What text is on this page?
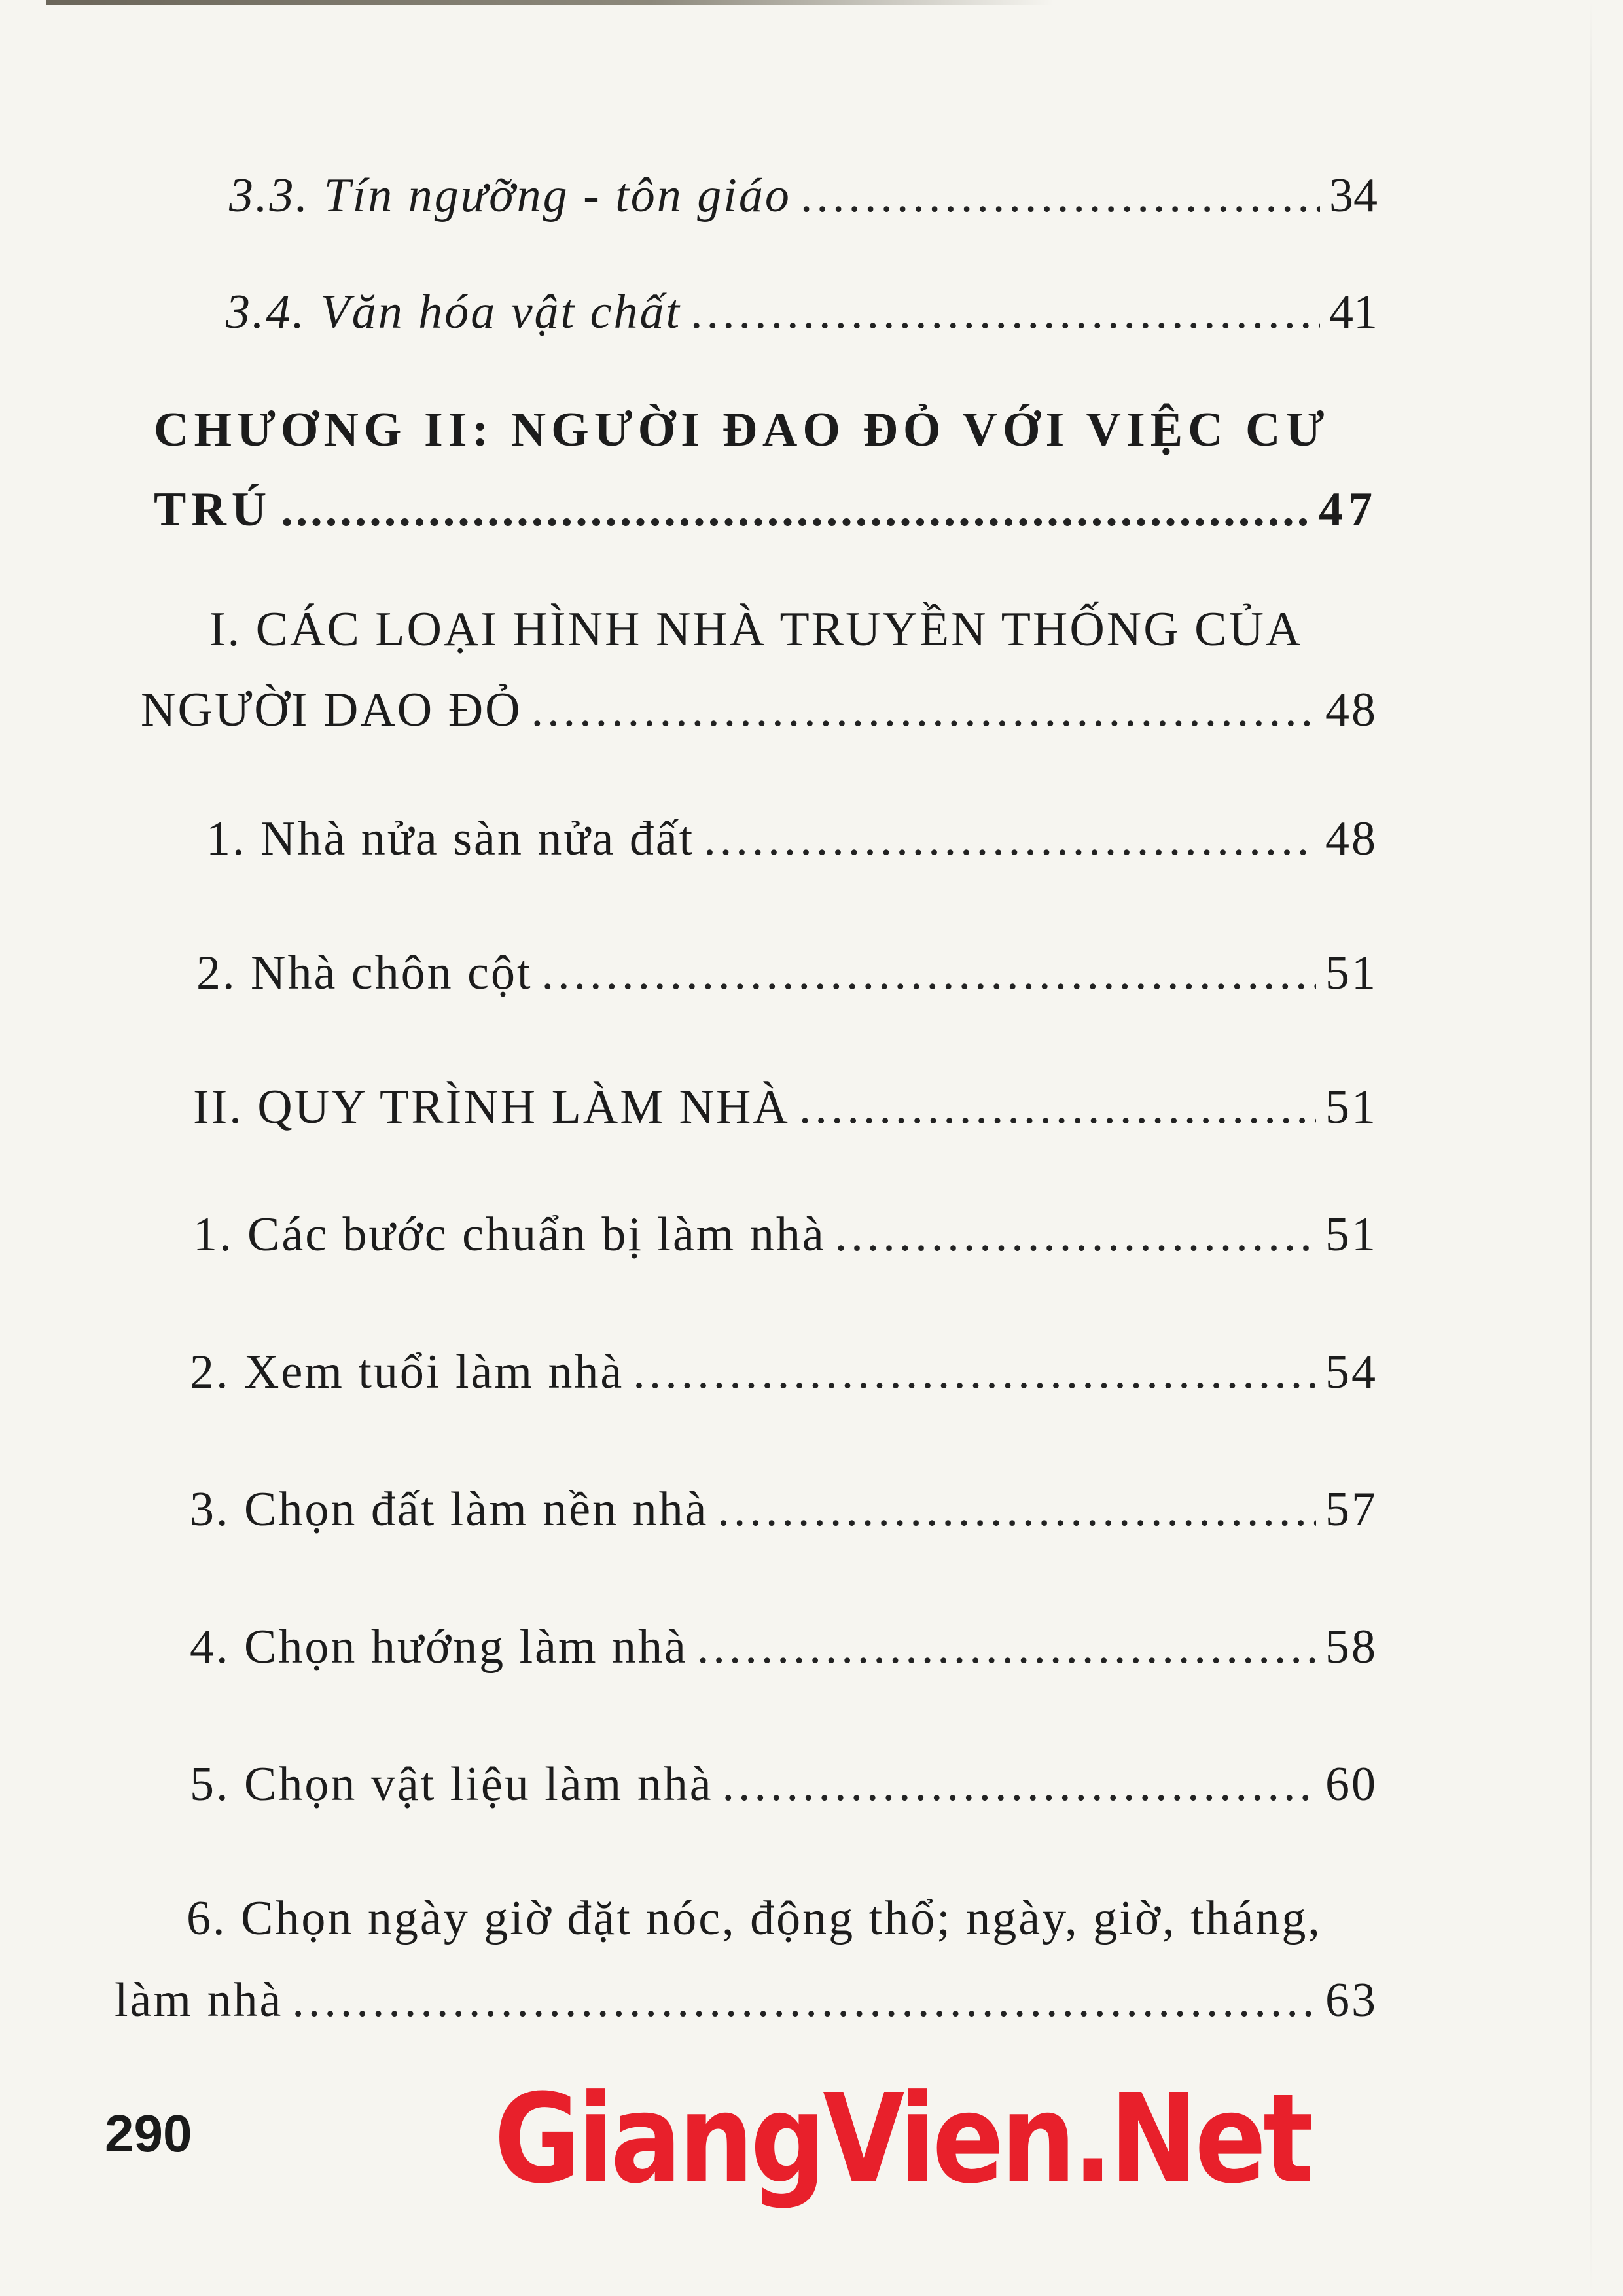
3.3. Tín ngưỡng - tôn giáo .....	34
3.4. Văn hóa vật chất .....	41
CHƯƠNG II: NGƯỜI ĐAO ĐỎ VỚI VIỆC CƯ
TRÚ .....	47
I. CÁC LOẠI HÌNH NHÀ TRUYỀN THỐNG CỦA
NGƯỜI DAO ĐỎ .....	48
1. Nhà nửa sàn nửa đất .....	48
2. Nhà chôn cột .....	51
II. QUY TRÌNH LÀM NHÀ .....	51
1. Các bước chuẩn bị làm nhà .....	51
2. Xem tuổi làm nhà .....	54
3. Chọn đất làm nền nhà .....	57
4. Chọn hướng làm nhà .....	58
5. Chọn vật liệu làm nhà .....	60
6. Chọn ngày giờ đặt nóc, động thổ; ngày, giờ, tháng,
làm nhà .....	63
290 GiangVien.Net
